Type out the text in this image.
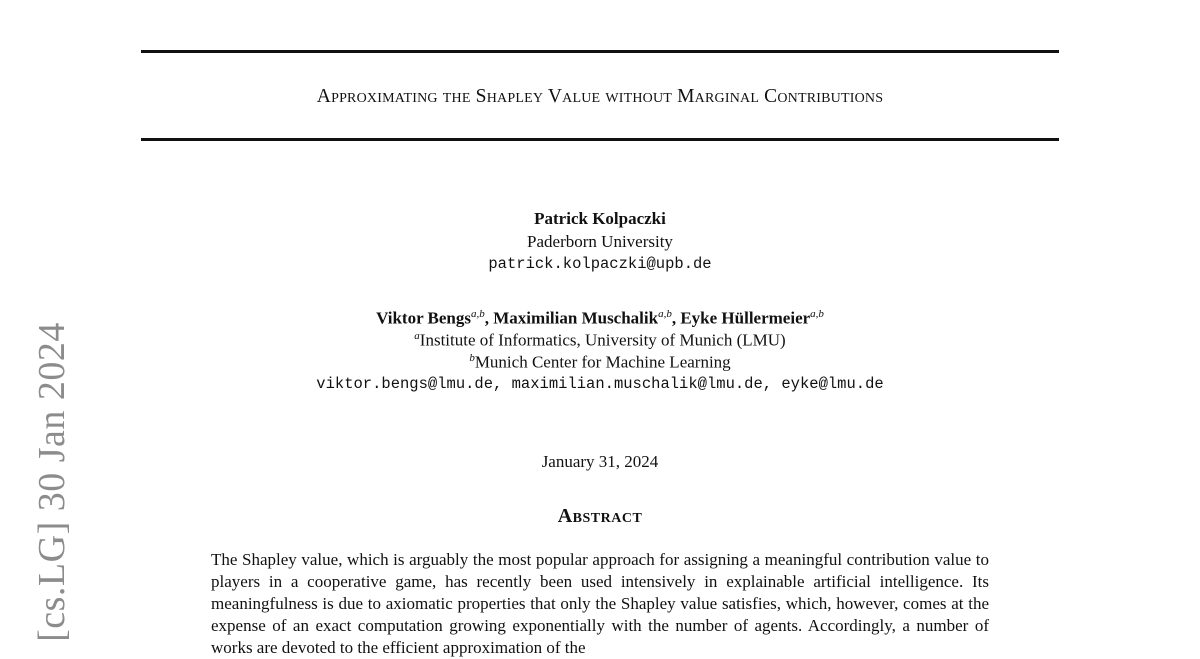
Approximating the Shapley Value without Marginal Contributions
[cs.LG] 30 Jan 2024
Patrick Kolpaczki
Paderborn University
patrick.kolpaczki@upb.de
Viktor Bengs$^{a,b}$, Maximilian Muschalik$^{a,b}$, Eyke Hüllermeier$^{a,b}$
$^a$Institute of Informatics, University of Munich (LMU)
$^b$Munich Center for Machine Learning
viktor.bengs@lmu.de, maximilian.muschalik@lmu.de, eyke@lmu.de
January 31, 2024
Abstract

The Shapley value, which is arguably the most popular approach for assigning a meaningful contribution value to players in a cooperative game, has recently been used intensively in explainable artificial intelligence. Its meaningfulness is due to axiomatic properties that only the Shapley value satisfies, which, however, comes at the expense of an exact computation growing exponentially with the number of agents. Accordingly, a number of works are devoted to the efficient approximation of the
